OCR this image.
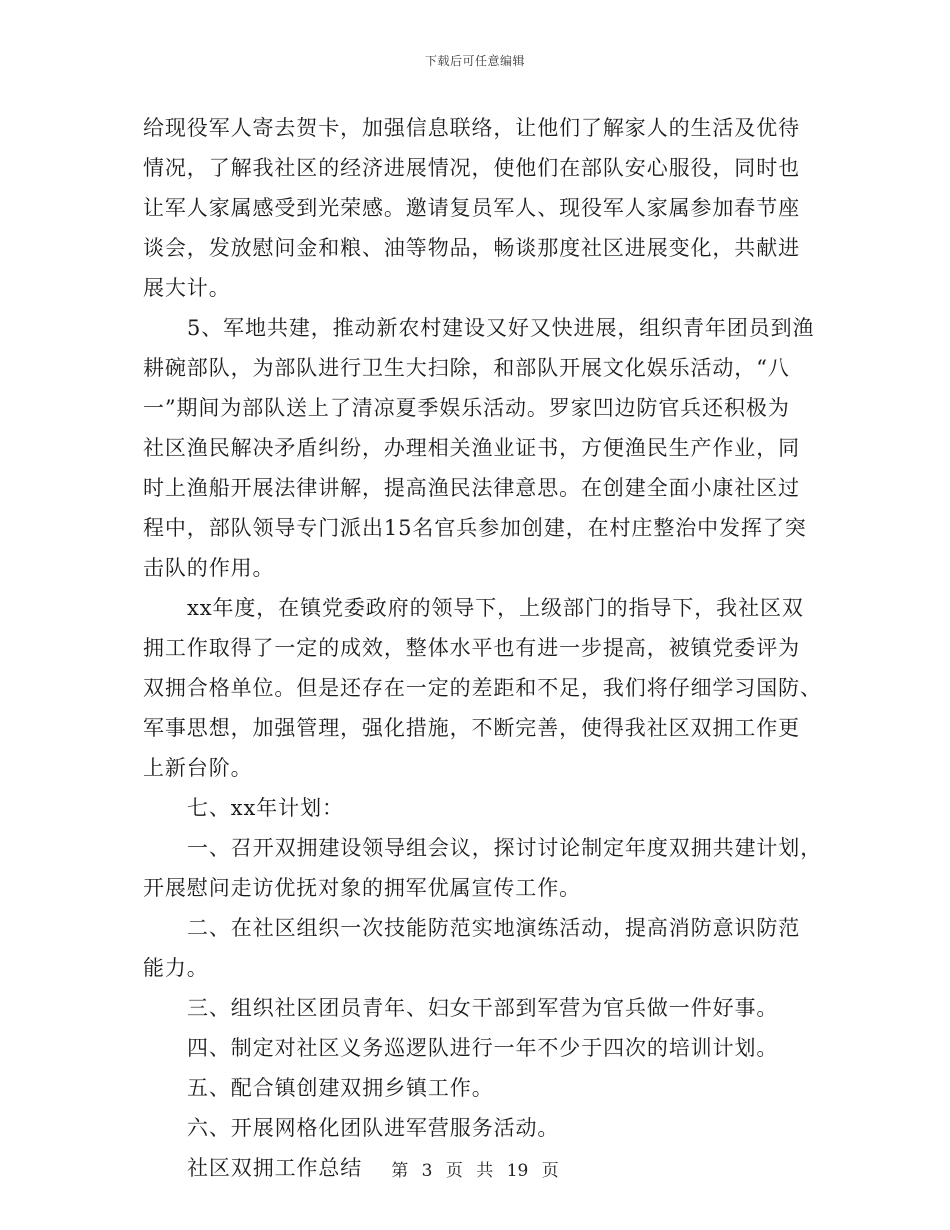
下载后可任意编辑
给现役军人寄去贺卡，加强信息联络，让他们了解家人的生活及优待
情况，了解我社区的经济进展情况，使他们在部队安心服役，同时也
让军人家属感受到光荣感。邀请复员军人、现役军人家属参加春节座
谈会，发放慰问金和粮、油等物品，畅谈那度社区进展变化，共献进
展大计。
5、军地共建，推动新农村建设又好又快进展，组织青年团员到渔
耕碗部队，为部队进行卫生大扫除，和部队开展文化娱乐活动，“八
一”期间为部队送上了清凉夏季娱乐活动。罗家凹边防官兵还积极为
社区渔民解决矛盾纠纷，办理相关渔业证书，方便渔民生产作业，同
时上渔船开展法律讲解，提高渔民法律意思。在创建全面小康社区过
程中，部队领导专门派出15名官兵参加创建，在村庄整治中发挥了突
击队的作用。
xx年度，在镇党委政府的领导下，上级部门的指导下，我社区双
拥工作取得了一定的成效，整体水平也有进一步提高，被镇党委评为
双拥合格单位。但是还存在一定的差距和不足，我们将仔细学习国防、
军事思想，加强管理，强化措施，不断完善，使得我社区双拥工作更
上新台阶。
七、xx年计划：
一、召开双拥建设领导组会议，探讨讨论制定年度双拥共建计划，
开展慰问走访优抚对象的拥军优属宣传工作。
二、在社区组织一次技能防范实地演练活动，提高消防意识防范
能力。
三、组织社区团员青年、妇女干部到军营为官兵做一件好事。
四、制定对社区义务巡逻队进行一年不少于四次的培训计划。
五、配合镇创建双拥乡镇工作。
六、开展网格化团队进军营服务活动。
社区双拥工作总结	第 3 页 共 19 页
